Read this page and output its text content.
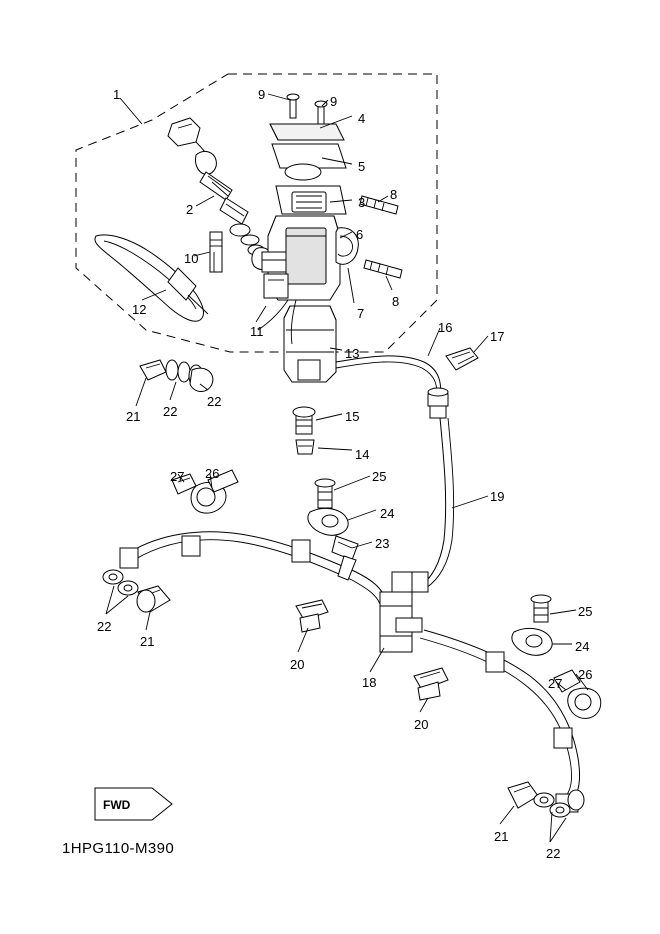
1	9	9
4
5
3
8
6
2
10
7
8
12
11
13
16
17
15
14
21 22
22
26
27	25
24
23
19
22
21
20
18
20
25
24
26
27
21
22
FWD
1HPG110-M390
